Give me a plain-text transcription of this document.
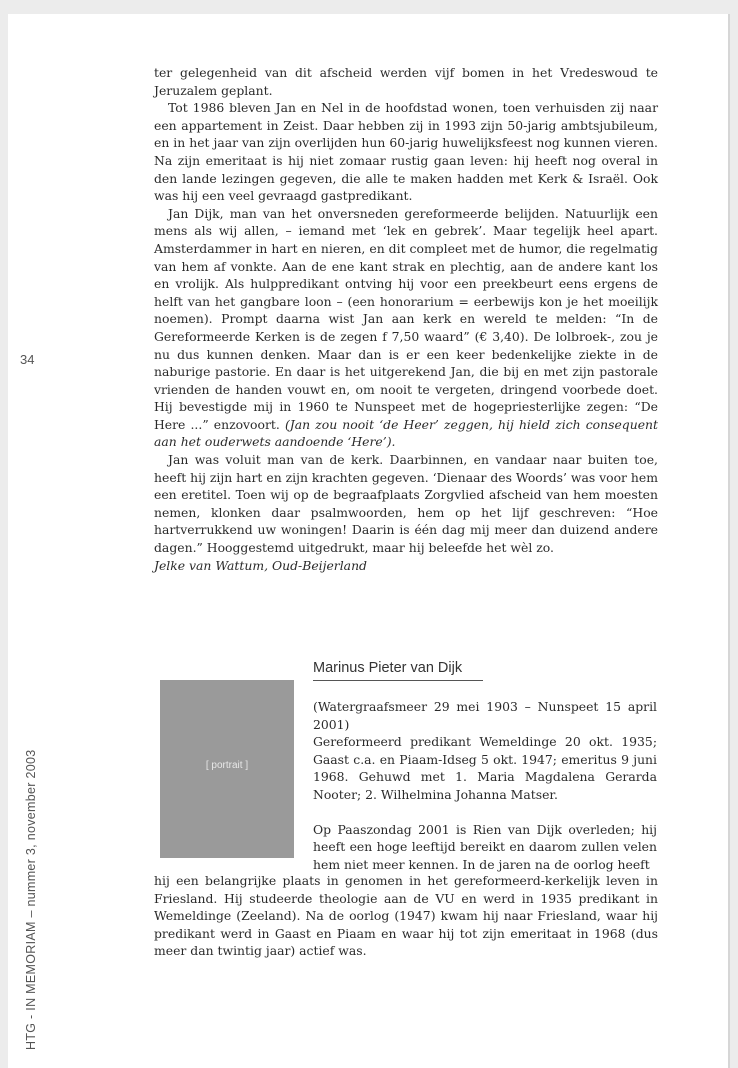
34
HTG - IN MEMORIAM – nummer 3, november 2003

ter gelegenheid van dit afscheid werden vijf bomen in het Vredeswoud te Jeruzalem geplant.

Tot 1986 bleven Jan en Nel in de hoofdstad wonen, toen verhuisden zij naar een appartement in Zeist. Daar hebben zij in 1993 zijn 50-jarig ambtsjubileum, en in het jaar van zijn overlijden hun 60-jarig huwelijksfeest nog kunnen vieren. Na zijn emeritaat is hij niet zomaar rustig gaan leven: hij heeft nog overal in den lande lezingen gegeven, die alle te maken hadden met Kerk & Israël. Ook was hij een veel gevraagd gastpredikant.

Jan Dijk, man van het onversneden gereformeerde belijden. Natuurlijk een mens als wij allen, – iemand met ‘lek en gebrek’. Maar tegelijk heel apart. Amsterdammer in hart en nieren, en dit compleet met de humor, die regelmatig van hem af vonkte. Aan de ene kant strak en plechtig, aan de andere kant los en vrolijk. Als hulppredikant ontving hij voor een preekbeurt eens ergens de helft van het gangbare loon – (een honorarium = eerbewijs kon je het moeilijk noemen). Prompt daarna wist Jan aan kerk en wereld te melden: “In de Gereformeerde Kerken is de zegen f 7,50 waard” (€ 3,40). De lolbroek-, zou je nu dus kunnen denken. Maar dan is er een keer bedenkelijke ziekte in de naburige pastorie. En daar is het uitgerekend Jan, die bij en met zijn pastorale vrienden de handen vouwt en, om nooit te vergeten, dringend voorbede doet. Hij bevestigde mij in 1960 te Nunspeet met de hogepriesterlijke zegen: “De Here ...” enzovoort. (Jan zou nooit ‘de Heer’ zeggen, hij hield zich consequent aan het ouderwets aandoende ‘Here’).

Jan was voluit man van de kerk. Daarbinnen, en vandaar naar buiten toe, heeft hij zijn hart en zijn krachten gegeven. ‘Dienaar des Woords’ was voor hem een eretitel. Toen wij op de begraafplaats Zorgvlied afscheid van hem moesten nemen, klonken daar psalmwoorden, hem op het lijf geschreven: “Hoe hartverrukkend uw woningen! Daarin is één dag mij meer dan duizend andere dagen.” Hooggestemd uitgedrukt, maar hij beleefde het wèl zo.

Jelke van Wattum, Oud-Beijerland

Marinus Pieter van Dijk
[ portrait ]

(Watergraafsmeer 29 mei 1903 – Nunspeet 15 april 2001)

Gereformeerd predikant Wemeldinge 20 okt. 1935; Gaast c.a. en Piaam-Idseg 5 okt. 1947; emeritus 9 juni 1968. Gehuwd met 1. Maria Magdalena Gerarda Nooter; 2. Wilhelmina Johanna Matser.

Op Paaszondag 2001 is Rien van Dijk overleden; hij heeft een hoge leeftijd bereikt en daarom zullen velen hem niet meer kennen. In de jaren na de oorlog heeft

hij een belangrijke plaats in genomen in het gereformeerd-kerkelijk leven in Friesland. Hij studeerde theologie aan de VU en werd in 1935 predikant in Wemeldinge (Zeeland). Na de oorlog (1947) kwam hij naar Friesland, waar hij predikant werd in Gaast en Piaam en waar hij tot zijn emeritaat in 1968 (dus meer dan twintig jaar) actief was.
